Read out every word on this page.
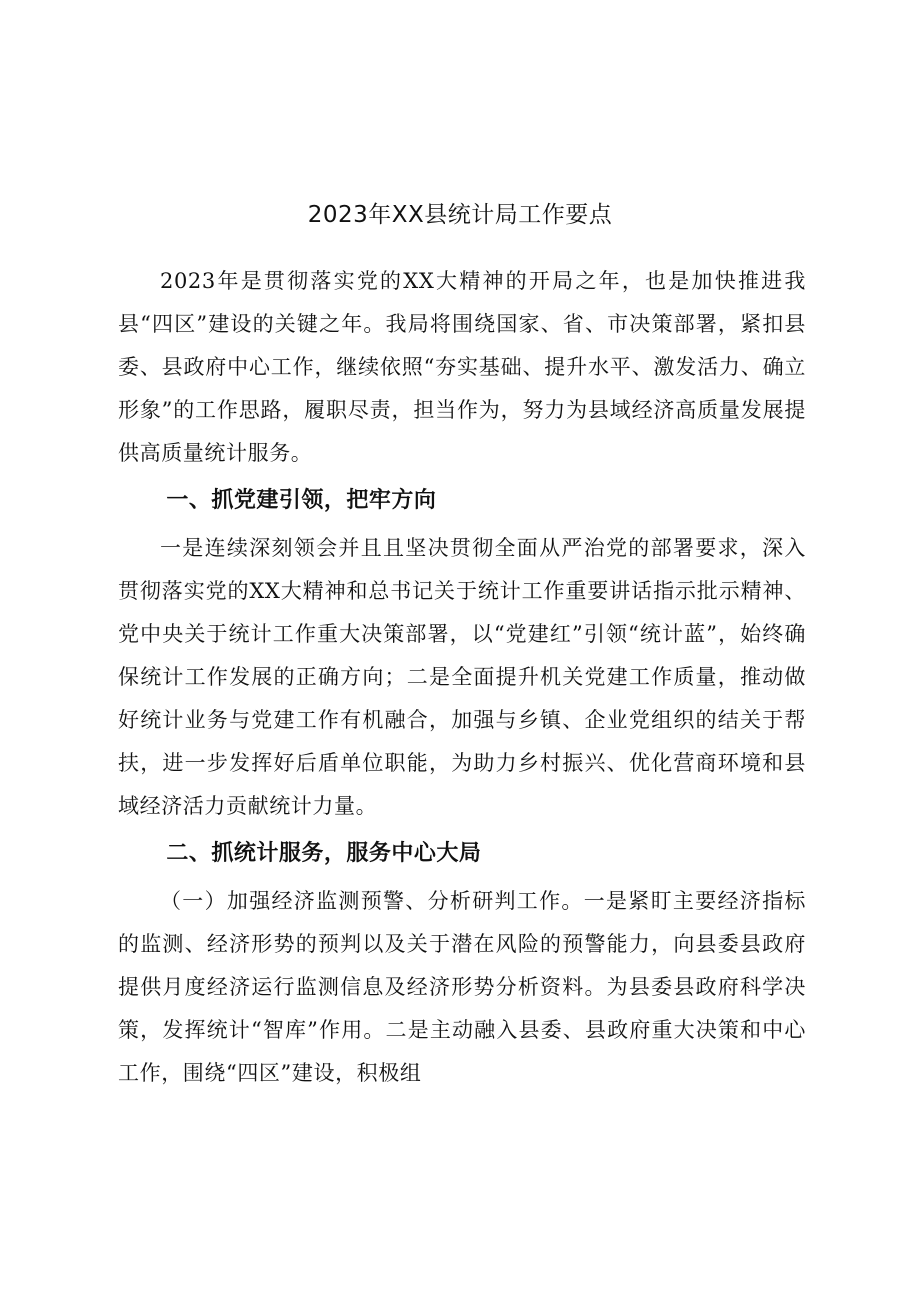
2023年XX县统计局工作要点

2023年是贯彻落实党的XX大精神的开局之年，也是加快推进我县“四区”建设的关键之年。我局将围绕国家、省、市决策部署，紧扣县委、县政府中心工作，继续依照“夯实基础、提升水平、激发活力、确立形象”的工作思路，履职尽责，担当作为，努力为县域经济高质量发展提供高质量统计服务。

一、抓党建引领，把牢方向

一是连续深刻领会并且且坚决贯彻全面从严治党的部署要求，深入贯彻落实党的XX大精神和总书记关于统计工作重要讲话指示批示精神、党中央关于统计工作重大决策部署，以“党建红”引领“统计蓝”，始终确保统计工作发展的正确方向；二是全面提升机关党建工作质量，推动做好统计业务与党建工作有机融合，加强与乡镇、企业党组织的结关于帮扶，进一步发挥好后盾单位职能，为助力乡村振兴、优化营商环境和县域经济活力贡献统计力量。

二、抓统计服务，服务中心大局

（一）加强经济监测预警、分析研判工作。一是紧盯主要经济指标的监测、经济形势的预判以及关于潜在风险的预警能力，向县委县政府提供月度经济运行监测信息及经济形势分析资料。为县委县政府科学决策，发挥统计“智库”作用。二是主动融入县委、县政府重大决策和中心工作，围绕“四区”建设，积极组
